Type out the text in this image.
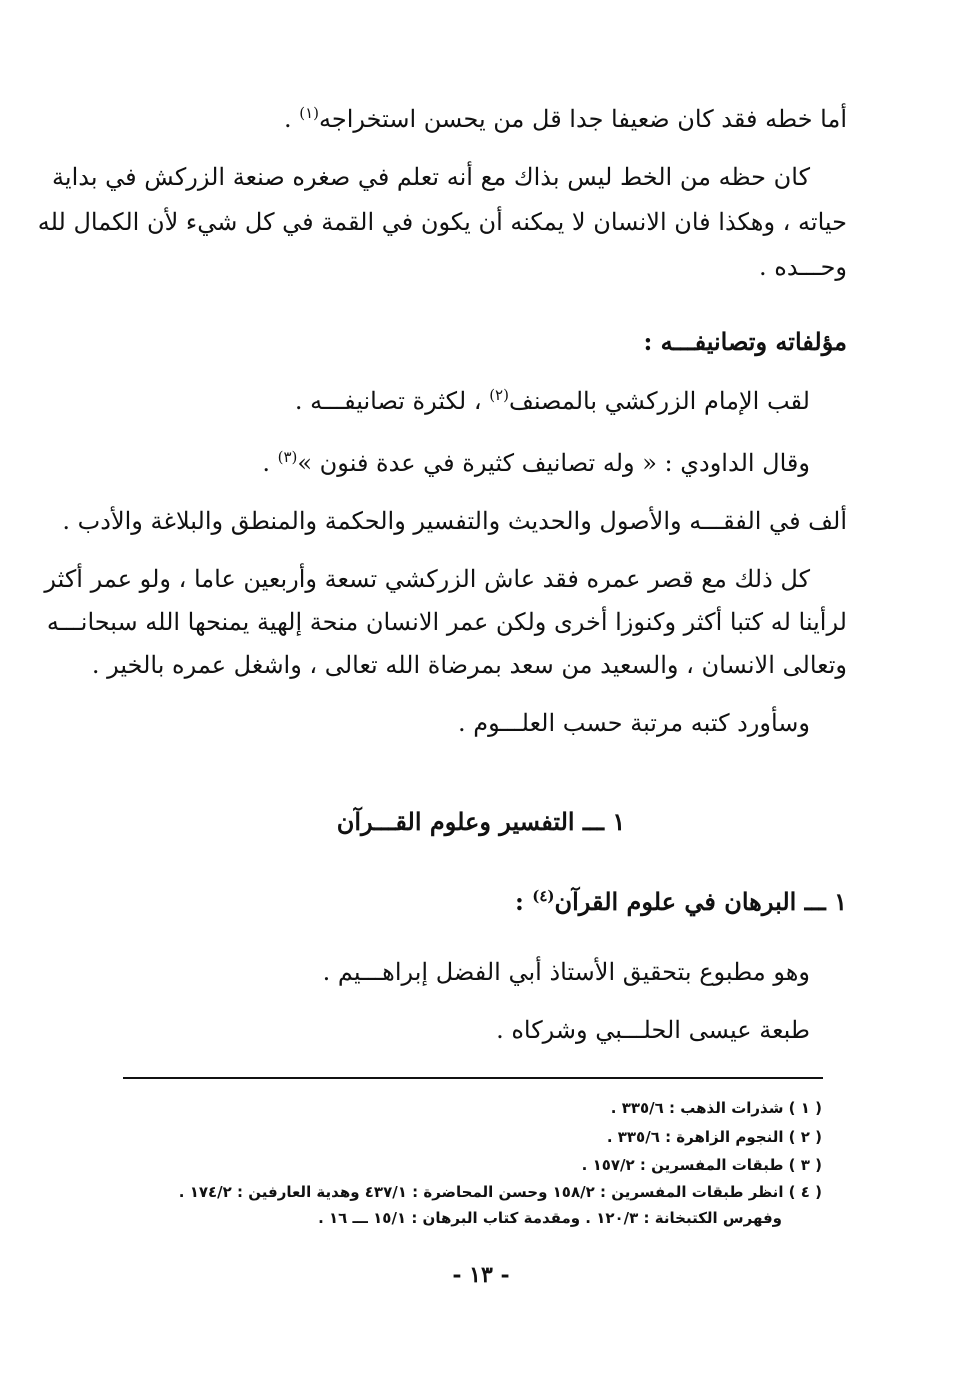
أما خطه فقد كان ضعيفا جدا قل من يحسن استخراجه$^{(١)}$ .
كان حظه من الخط ليس بذاك مع أنه تعلم في صغره صنعة الزركش في بداية
حياته ، وهكذا فان الانسان لا يمكنه أن يكون في القمة في كل شيء لأن الكمال لله
وحـــده .
مؤلفاته وتصانيفـــه :
لقب الإمام الزركشي بالمصنف$^{(٢)}$ ، لكثرة تصانيفـــه .
وقال الداودي : « وله تصانيف كثيرة في عدة فنون »$^{(٣)}$ .
ألف في الفقـــه والأصول والحديث والتفسير والحكمة والمنطق والبلاغة والأدب .
كل ذلك مع قصر عمره فقد عاش الزركشي تسعة وأربعين عاما ، ولو عمر أكثر
لرأينا له كتبا أكثر وكنوزا أخرى ولكن عمر الانسان منحة إلهية يمنحها الله سبحانـــه
وتعالى الانسان ، والسعيد من سعد بمرضاة الله تعالى ، واشغل عمره بالخير .
وسأورد كتبه مرتبة حسب العلـــوم .
١ ـــ التفسير وعلوم القـــرآن
١ ـــ البرهان في علوم القرآن$^{(٤)}$ :
وهو مطبوع بتحقيق الأستاذ أبي الفضل إبراهـــيم .
طبعة عيسى الحلـــبي وشركاه .
( ١ ) شذرات الذهب : ٣٣٥/٦ .
( ٢ ) النجوم الزاهرة : ٣٣٥/٦ .
( ٣ ) طبقات المفسرين : ١٥٧/٢ .
( ٤ ) انظر طبقات المفسرين : ١٥٨/٢ وحسن المحاضرة : ٤٣٧/١ وهدية العارفين : ١٧٤/٢ .
وفهرس الكتبخانة : ١٢٠/٣ . ومقدمة كتاب البرهان : ١٥/١ ـــ ١٦ .
- ١٣ -
